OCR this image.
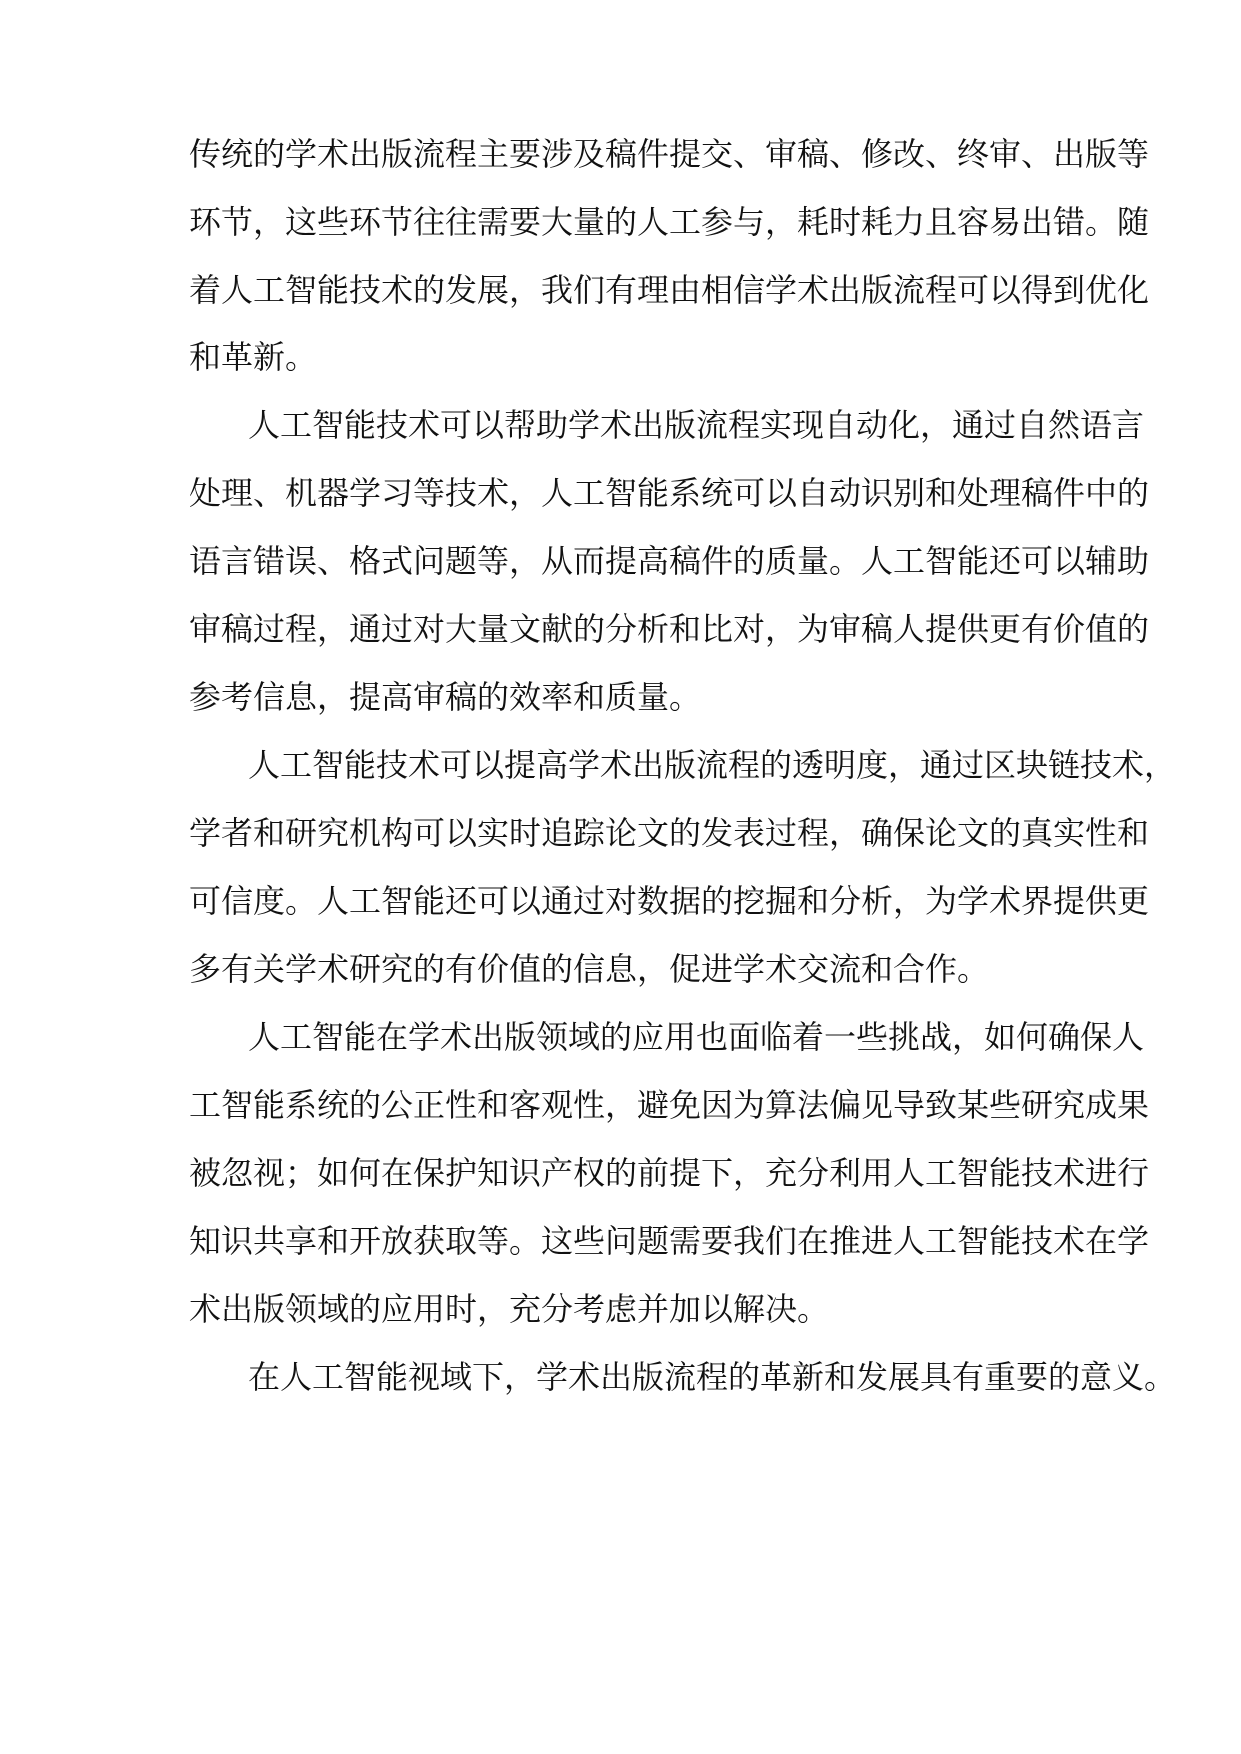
传统的学术出版流程主要涉及稿件提交、审稿、修改、终审、出版等
环节，这些环节往往需要大量的人工参与，耗时耗力且容易出错。随
着人工智能技术的发展，我们有理由相信学术出版流程可以得到优化
和革新。
人工智能技术可以帮助学术出版流程实现自动化，通过自然语言
处理、机器学习等技术，人工智能系统可以自动识别和处理稿件中的
语言错误、格式问题等，从而提高稿件的质量。人工智能还可以辅助
审稿过程，通过对大量文献的分析和比对，为审稿人提供更有价值的
参考信息，提高审稿的效率和质量。
人工智能技术可以提高学术出版流程的透明度，通过区块链技术，
学者和研究机构可以实时追踪论文的发表过程，确保论文的真实性和
可信度。人工智能还可以通过对数据的挖掘和分析，为学术界提供更
多有关学术研究的有价值的信息，促进学术交流和合作。
人工智能在学术出版领域的应用也面临着一些挑战，如何确保人
工智能系统的公正性和客观性，避免因为算法偏见导致某些研究成果
被忽视；如何在保护知识产权的前提下，充分利用人工智能技术进行
知识共享和开放获取等。这些问题需要我们在推进人工智能技术在学
术出版领域的应用时，充分考虑并加以解决。
在人工智能视域下，学术出版流程的革新和发展具有重要的意义。
